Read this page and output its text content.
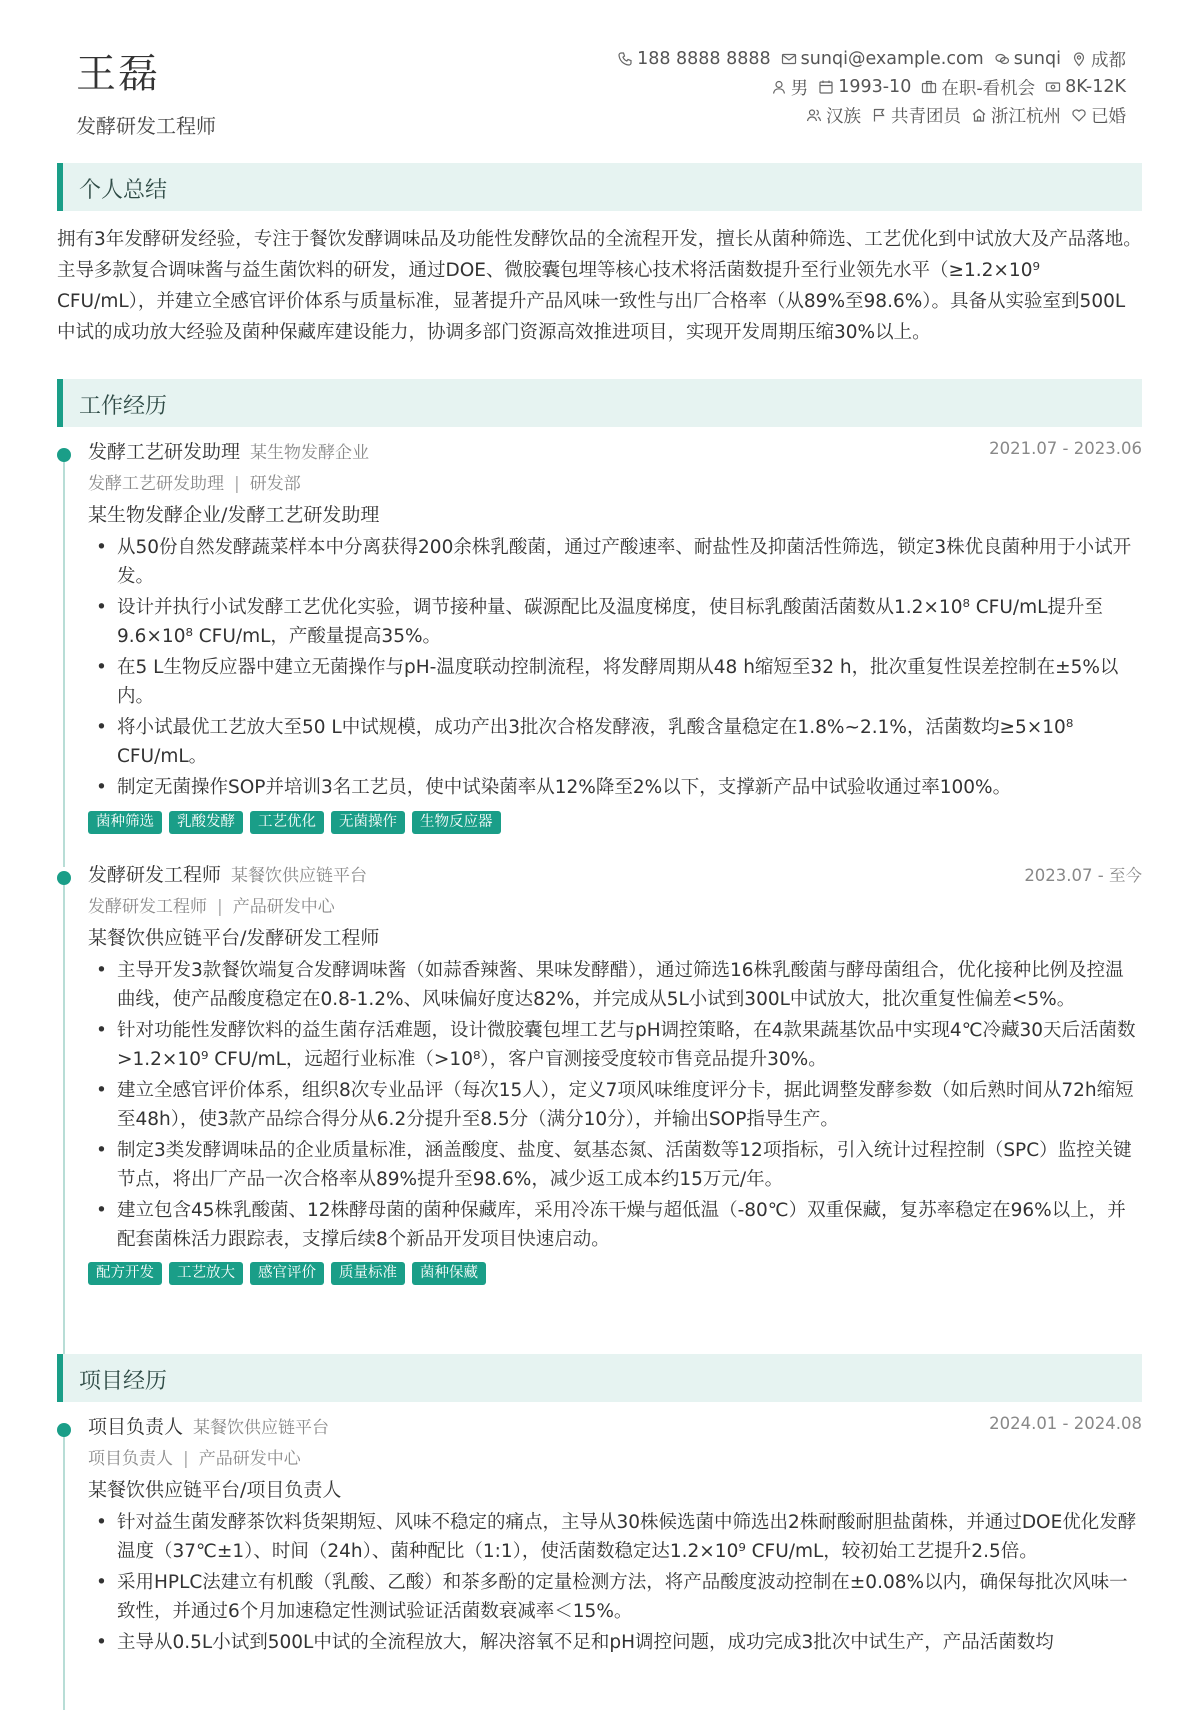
王磊
发酵研发工程师
188 8888 8888 sunqi@example.com sunqi 成都
男 1993-10 在职-看机会 8K-12K
汉族 共青团员 浙江杭州 已婚
个人总结
拥有3年发酵研发经验，专注于餐饮发酵调味品及功能性发酵饮品的全流程开发，擅长从菌种筛选、工艺优化到中试放大及产品落地。主导多款复合调味酱与益生菌饮料的研发，通过DOE、微胶囊包埋等核心技术将活菌数提升至行业领先水平（≥1.2×10⁹ CFU/mL），并建立全感官评价体系与质量标准，显著提升产品风味一致性与出厂合格率（从89%至98.6%）。具备从实验室到500L中试的成功放大经验及菌种保藏库建设能力，协调多部门资源高效推进项目，实现开发周期压缩30%以上。
工作经历
发酵工艺研发助理 某生物发酵企业	2021.07 - 2023.06
发酵工艺研发助理 | 研发部
某生物发酵企业/发酵工艺研发助理
• 从50份自然发酵蔬菜样本中分离获得200余株乳酸菌，通过产酸速率、耐盐性及抑菌活性筛选，锁定3株优良菌种用于小试开发。
• 设计并执行小试发酵工艺优化实验，调节接种量、碳源配比及温度梯度，使目标乳酸菌活菌数从1.2×10⁸ CFU/mL提升至9.6×10⁸ CFU/mL，产酸量提高35%。
• 在5 L生物反应器中建立无菌操作与pH-温度联动控制流程，将发酵周期从48 h缩短至32 h，批次重复性误差控制在±5%以内。
• 将小试最优工艺放大至50 L中试规模，成功产出3批次合格发酵液，乳酸含量稳定在1.8%~2.1%，活菌数均≥5×10⁸ CFU/mL。
• 制定无菌操作SOP并培训3名工艺员，使中试染菌率从12%降至2%以下，支撑新产品中试验收通过率100%。
菌种筛选	乳酸发酵	工艺优化	无菌操作	生物反应器
发酵研发工程师 某餐饮供应链平台	2023.07 - 至今
发酵研发工程师 | 产品研发中心
某餐饮供应链平台/发酵研发工程师
• 主导开发3款餐饮端复合发酵调味酱（如蒜香辣酱、果味发酵醋），通过筛选16株乳酸菌与酵母菌组合，优化接种比例及控温曲线，使产品酸度稳定在0.8-1.2%、风味偏好度达82%，并完成从5L小试到300L中试放大，批次重复性偏差<5%。
• 针对功能性发酵饮料的益生菌存活难题，设计微胶囊包埋工艺与pH调控策略，在4款果蔬基饮品中实现4℃冷藏30天后活菌数>1.2×10⁹ CFU/mL，远超行业标准（>10⁸），客户盲测接受度较市售竞品提升30%。
• 建立全感官评价体系，组织8次专业品评（每次15人），定义7项风味维度评分卡，据此调整发酵参数（如后熟时间从72h缩短至48h），使3款产品综合得分从6.2分提升至8.5分（满分10分），并输出SOP指导生产。
• 制定3类发酵调味品的企业质量标准，涵盖酸度、盐度、氨基态氮、活菌数等12项指标，引入统计过程控制（SPC）监控关键节点，将出厂产品一次合格率从89%提升至98.6%，减少返工成本约15万元/年。
• 建立包含45株乳酸菌、12株酵母菌的菌种保藏库，采用冷冻干燥与超低温（-80℃）双重保藏，复苏率稳定在96%以上，并配套菌株活力跟踪表，支撑后续8个新品开发项目快速启动。
配方开发	工艺放大	感官评价	质量标准	菌种保藏
项目经历
项目负责人 某餐饮供应链平台	2024.01 - 2024.08
项目负责人 | 产品研发中心
某餐饮供应链平台/项目负责人
• 针对益生菌发酵茶饮料货架期短、风味不稳定的痛点，主导从30株候选菌中筛选出2株耐酸耐胆盐菌株，并通过DOE优化发酵温度（37℃±1）、时间（24h）、菌种配比（1:1），使活菌数稳定达1.2×10⁹ CFU/mL，较初始工艺提升2.5倍。
• 采用HPLC法建立有机酸（乳酸、乙酸）和茶多酚的定量检测方法，将产品酸度波动控制在±0.08%以内，确保每批次风味一致性，并通过6个月加速稳定性测试验证活菌数衰减率＜15%。
• 主导从0.5L小试到500L中试的全流程放大，解决溶氧不足和pH调控问题，成功完成3批次中试生产，产品活菌数均
